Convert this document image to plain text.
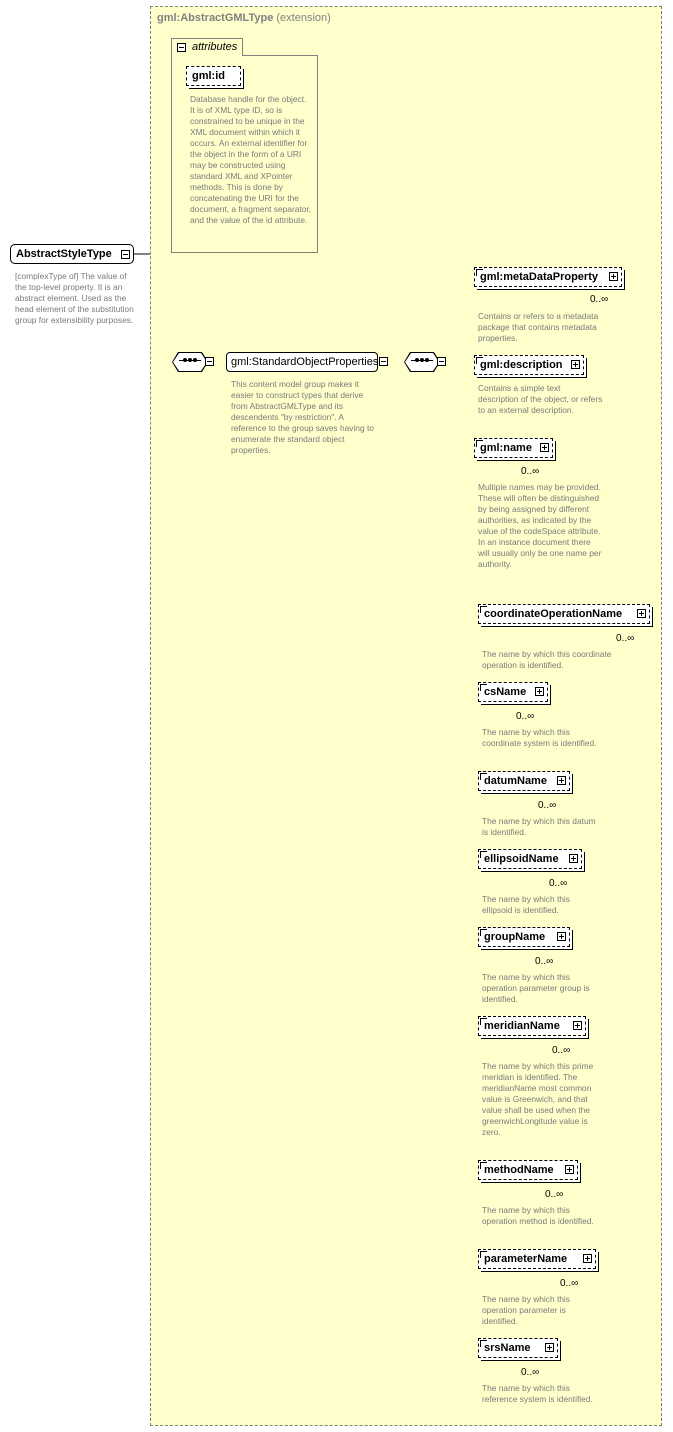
gml:AbstractGMLType (extension)
attributes
gml:id
Database handle for the object. It is of XML type ID, so is constrained to be unique in the XML document within which it occurs. An external identifier for the object in the form of a URI may be constructed using standard XML and XPointer methods. This is done by concatenating the URI for the document, a fragment separator, and the value of the id attribute.
AbstractStyleType
[complexType of] The value of the top-level property. It is an abstract element. Used as the head element of the substitution group for extensibility purposes.
gml:StandardObjectProperties
This content model group makes it easier to construct types that derive from AbstractGMLType and its descendents "by restriction". A reference to the group saves having to enumerate the standard object properties.
gml:metaDataProperty
0..∞
Contains or refers to a metadata package that contains metadata properties.
gml:description
Contains a simple text description of the object, or refers to an external description.
gml:name
0..∞
Multiple names may be provided. These will often be distinguished by being assigned by different authorities, as indicated by the value of the codeSpace attribute. In an instance document there will usually only be one name per authority.
coordinateOperationName
0..∞
The name by which this coordinate operation is identified.
csName
0..∞
The name by which this coordinate system is identified.
datumName
0..∞
The name by which this datum is identified.
ellipsoidName
0..∞
The name by which this ellipsoid is identified.
groupName
0..∞
The name by which this operation parameter group is identified.
meridianName
0..∞
The name by which this prime meridian is identified. The meridianName most common value is Greenwich, and that value shall be used when the greenwichLongitude value is zero.
methodName
0..∞
The name by which this operation method is identified.
parameterName
0..∞
The name by which this operation parameter is identified.
srsName
0..∞
The name by which this reference system is identified.
